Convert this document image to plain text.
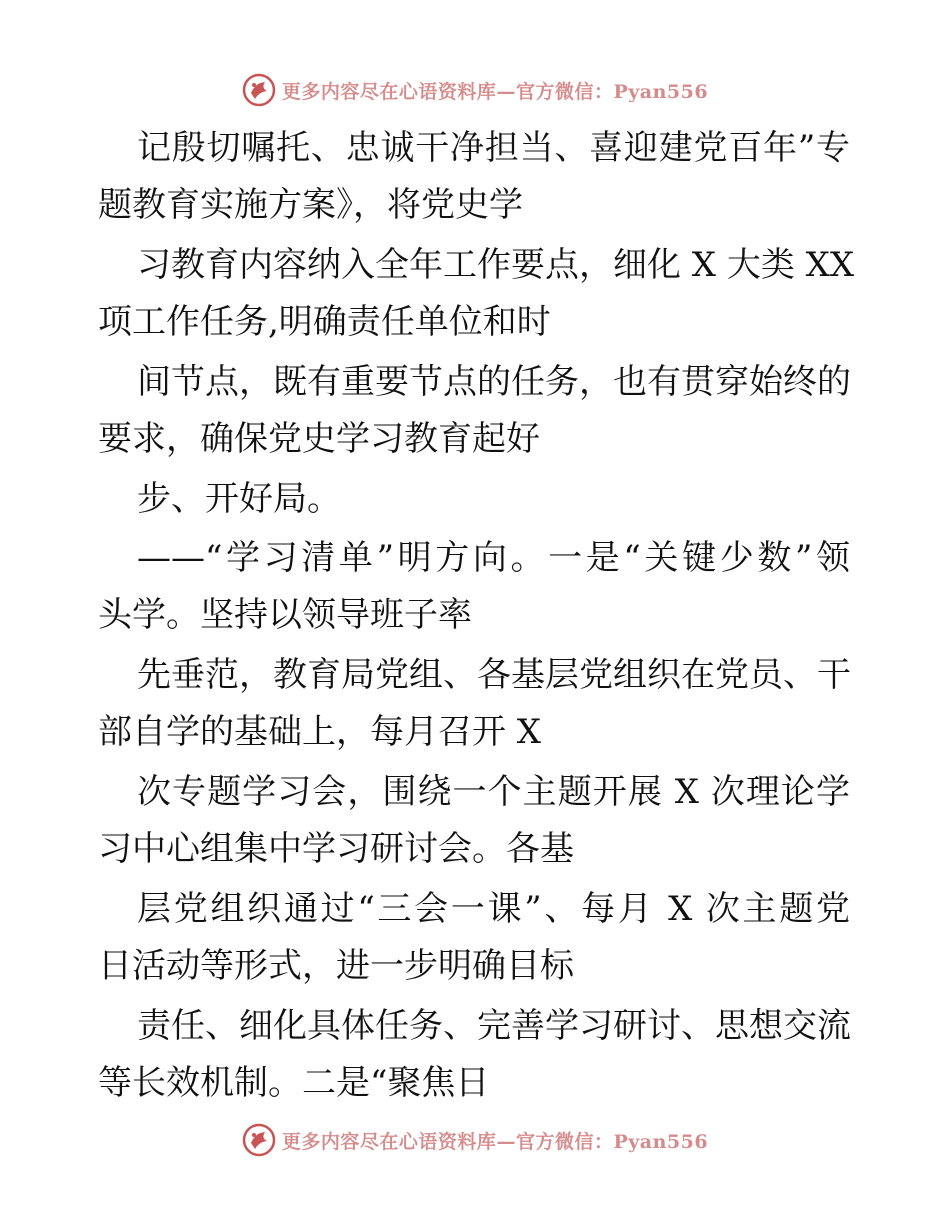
更多内容尽在心语资料库—官方微信：Pyan556
记殷切嘱托、忠诚干净担当、喜迎建党百年”专
题教育实施方案》，将党史学
习教育内容纳入全年工作要点，细化 X 大类 XX
项工作任务,明确责任单位和时
间节点，既有重要节点的任务，也有贯穿始终的
要求，确保党史学习教育起好
步、开好局。
——“学习清单”明方向。一是“关键少数”领
头学。坚持以领导班子率
先垂范，教育局党组、各基层党组织在党员、干
部自学的基础上，每月召开 X
次专题学习会，围绕一个主题开展 X 次理论学
习中心组集中学习研讨会。各基
层党组织通过“三会一课”、每月 X 次主题党
日活动等形式，进一步明确目标
责任、细化具体任务、完善学习研讨、思想交流
等长效机制。二是“聚焦日
更多内容尽在心语资料库—官方微信：Pyan556
